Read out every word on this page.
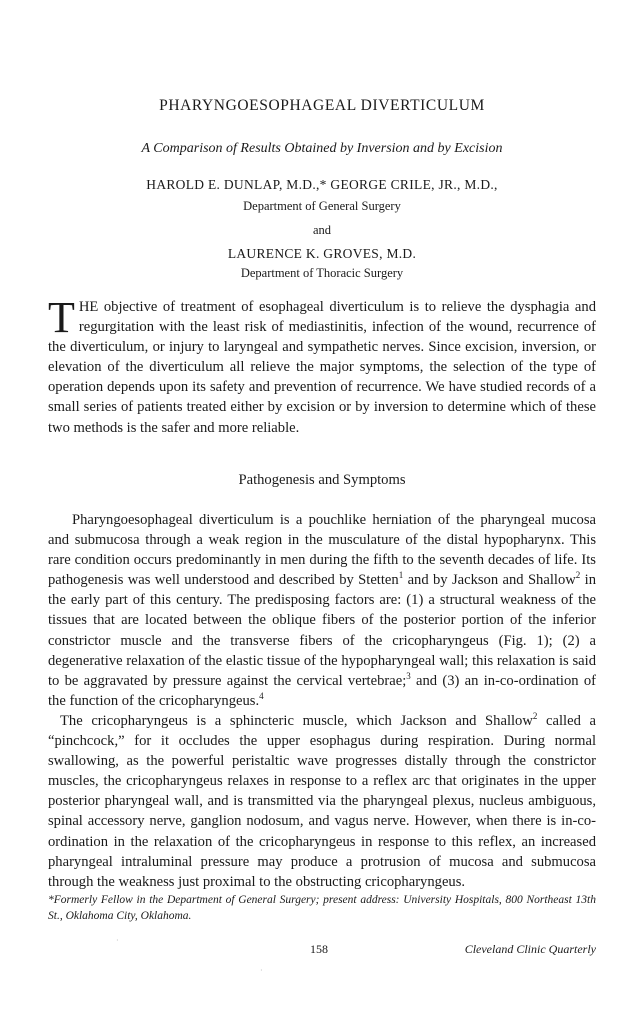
PHARYNGOESOPHAGEAL DIVERTICULUM

A Comparison of Results Obtained by Inversion and by Excision

HAROLD E. DUNLAP, M.D.,* GEORGE CRILE, JR., M.D.,

Department of General Surgery

and

LAURENCE K. GROVES, M.D.

Department of Thoracic Surgery

THE objective of treatment of esophageal diverticulum is to relieve the dysphagia and regurgitation with the least risk of mediastinitis, infection of the wound, recurrence of the diverticulum, or injury to laryngeal and sympathetic nerves. Since excision, inversion, or elevation of the diverticulum all relieve the major symptoms, the selection of the type of operation depends upon its safety and prevention of recurrence. We have studied records of a small series of patients treated either by excision or by inversion to determine which of these two methods is the safer and more reliable.
Pathogenesis and Symptoms

Pharyngoesophageal diverticulum is a pouchlike herniation of the pharyngeal mucosa and submucosa through a weak region in the musculature of the distal hypopharynx. This rare condition occurs predominantly in men during the fifth to the seventh decades of life. Its pathogenesis was well understood and described by Stetten$^1$ and by Jackson and Shallow$^2$ in the early part of this century. The predisposing factors are: (1) a structural weakness of the tissues that are located between the oblique fibers of the posterior portion of the inferior constrictor muscle and the transverse fibers of the cricopharyngeus (Fig. 1); (2) a degenerative relaxation of the elastic tissue of the hypopharyngeal wall; this relaxation is said to be aggravated by pressure against the cervical vertebrae;$^3$ and (3) an in-co-ordination of the function of the cricopharyngeus.$^4$

The cricopharyngeus is a sphincteric muscle, which Jackson and Shallow$^2$ called a “pinchcock,” for it occludes the upper esophagus during respiration. During normal swallowing, as the powerful peristaltic wave progresses distally through the constrictor muscles, the cricopharyngeus relaxes in response to a reflex arc that originates in the upper posterior pharyngeal wall, and is transmitted via the pharyngeal plexus, nucleus ambiguous, spinal accessory nerve, ganglion nodosum, and vagus nerve. However, when there is in-co-ordination in the relaxation of the cricopharyngeus in response to this reflex, an increased pharyngeal intraluminal pressure may produce a protrusion of mucosa and submucosa through the weakness just proximal to the obstructing cricopharyngeus.

*Formerly Fellow in the Department of General Surgery; present address: University Hospitals, 800 Northeast 13th St., Oklahoma City, Oklahoma.

158	Cleveland Clinic Quarterly
·
·
